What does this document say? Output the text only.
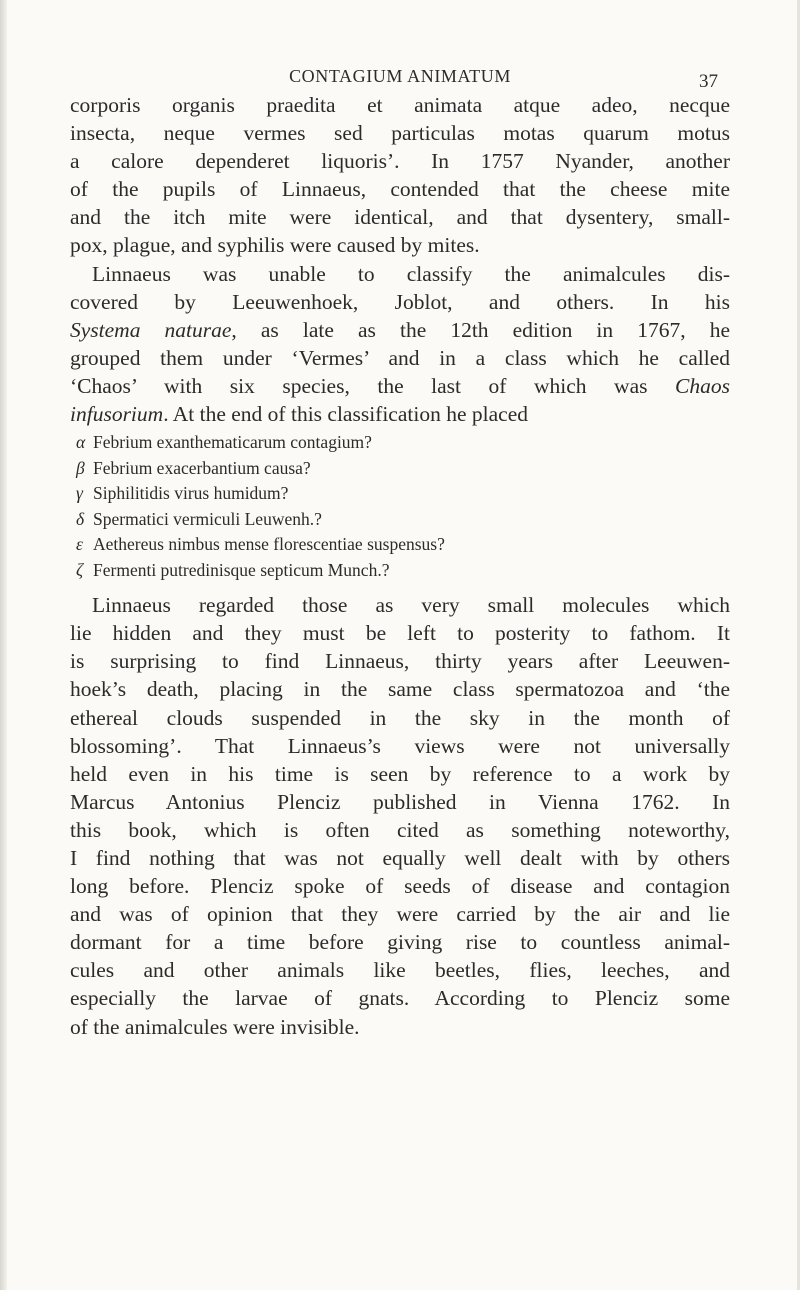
CONTAGIUM ANIMATUM	37
corporis organis praedita et animata atque adeo, necque
insecta, neque vermes sed particulas motas quarum motus
a calore dependeret liquoris’. In 1757 Nyander, another
of the pupils of Linnaeus, contended that the cheese mite
and the itch mite were identical, and that dysentery, small-
pox, plague, and syphilis were caused by mites.
Linnaeus was unable to classify the animalcules dis-
covered by Leeuwenhoek, Joblot, and others. In his
Systema naturae, as late as the 12th edition in 1767, he
grouped them under ‘Vermes’ and in a class which he called
‘Chaos’ with six species, the last of which was Chaos
infusorium. At the end of this classification he placed
α Febrium exanthematicarum contagium?
β Febrium exacerbantium causa?
γ Siphilitidis virus humidum?
δ Spermatici vermiculi Leuwenh.?
ε Aethereus nimbus mense florescentiae suspensus?
ζ Fermenti putredinisque septicum Munch.?
Linnaeus regarded those as very small molecules which
lie hidden and they must be left to posterity to fathom. It
is surprising to find Linnaeus, thirty years after Leeuwen-
hoek’s death, placing in the same class spermatozoa and ‘the
ethereal clouds suspended in the sky in the month of
blossoming’. That Linnaeus’s views were not universally
held even in his time is seen by reference to a work by
Marcus Antonius Plenciz published in Vienna 1762. In
this book, which is often cited as something noteworthy,
I find nothing that was not equally well dealt with by others
long before. Plenciz spoke of seeds of disease and contagion
and was of opinion that they were carried by the air and lie
dormant for a time before giving rise to countless animal-
cules and other animals like beetles, flies, leeches, and
especially the larvae of gnats. According to Plenciz some
of the animalcules were invisible.
